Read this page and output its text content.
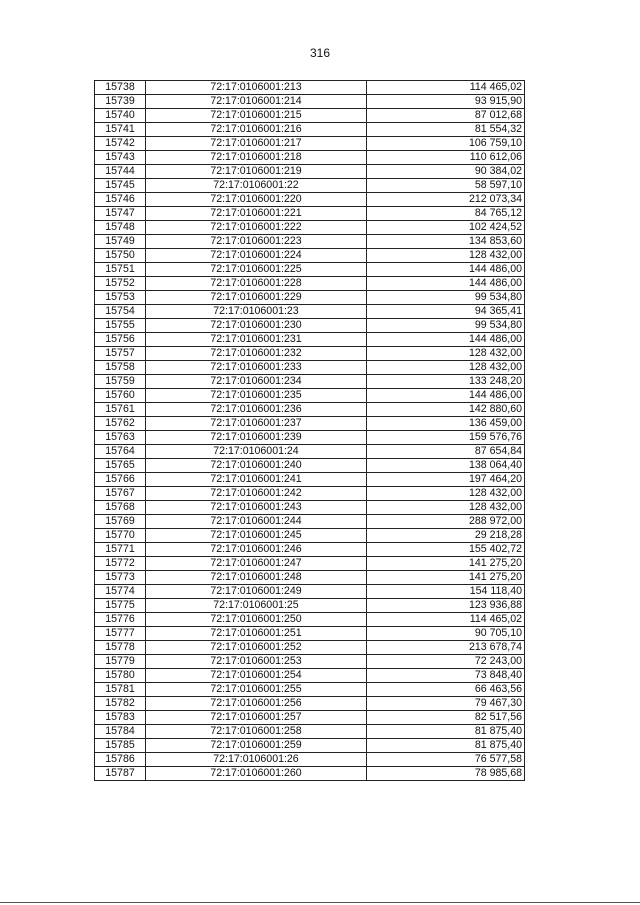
316
15738	72:17:0106001:213	114 465,02
15739	72:17:0106001:214	93 915,90
15740	72:17:0106001:215	87 012,68
15741	72:17:0106001:216	81 554,32
15742	72:17:0106001:217	106 759,10
15743	72:17:0106001:218	110 612,06
15744	72:17:0106001:219	90 384,02
15745	72:17:0106001:22	58 597,10
15746	72:17:0106001:220	212 073,34
15747	72:17:0106001:221	84 765,12
15748	72:17:0106001:222	102 424,52
15749	72:17:0106001:223	134 853,60
15750	72:17:0106001:224	128 432,00
15751	72:17:0106001:225	144 486,00
15752	72:17:0106001:228	144 486,00
15753	72:17:0106001:229	99 534,80
15754	72:17:0106001:23	94 365,41
15755	72:17:0106001:230	99 534,80
15756	72:17:0106001:231	144 486,00
15757	72:17:0106001:232	128 432,00
15758	72:17:0106001:233	128 432,00
15759	72:17:0106001:234	133 248,20
15760	72:17:0106001:235	144 486,00
15761	72:17:0106001:236	142 880,60
15762	72:17:0106001:237	136 459,00
15763	72:17:0106001:239	159 576,76
15764	72:17:0106001:24	87 654,84
15765	72:17:0106001:240	138 064,40
15766	72:17:0106001:241	197 464,20
15767	72:17:0106001:242	128 432,00
15768	72:17:0106001:243	128 432,00
15769	72:17:0106001:244	288 972,00
15770	72:17:0106001:245	29 218,28
15771	72:17:0106001:246	155 402,72
15772	72:17:0106001:247	141 275,20
15773	72:17:0106001:248	141 275,20
15774	72:17:0106001:249	154 118,40
15775	72:17:0106001:25	123 936,88
15776	72:17:0106001:250	114 465,02
15777	72:17:0106001:251	90 705,10
15778	72:17:0106001:252	213 678,74
15779	72:17:0106001:253	72 243,00
15780	72:17:0106001:254	73 848,40
15781	72:17:0106001:255	66 463,56
15782	72:17:0106001:256	79 467,30
15783	72:17:0106001:257	82 517,56
15784	72:17:0106001:258	81 875,40
15785	72:17:0106001:259	81 875,40
15786	72:17:0106001:26	76 577,58
15787	72:17:0106001:260	78 985,68
